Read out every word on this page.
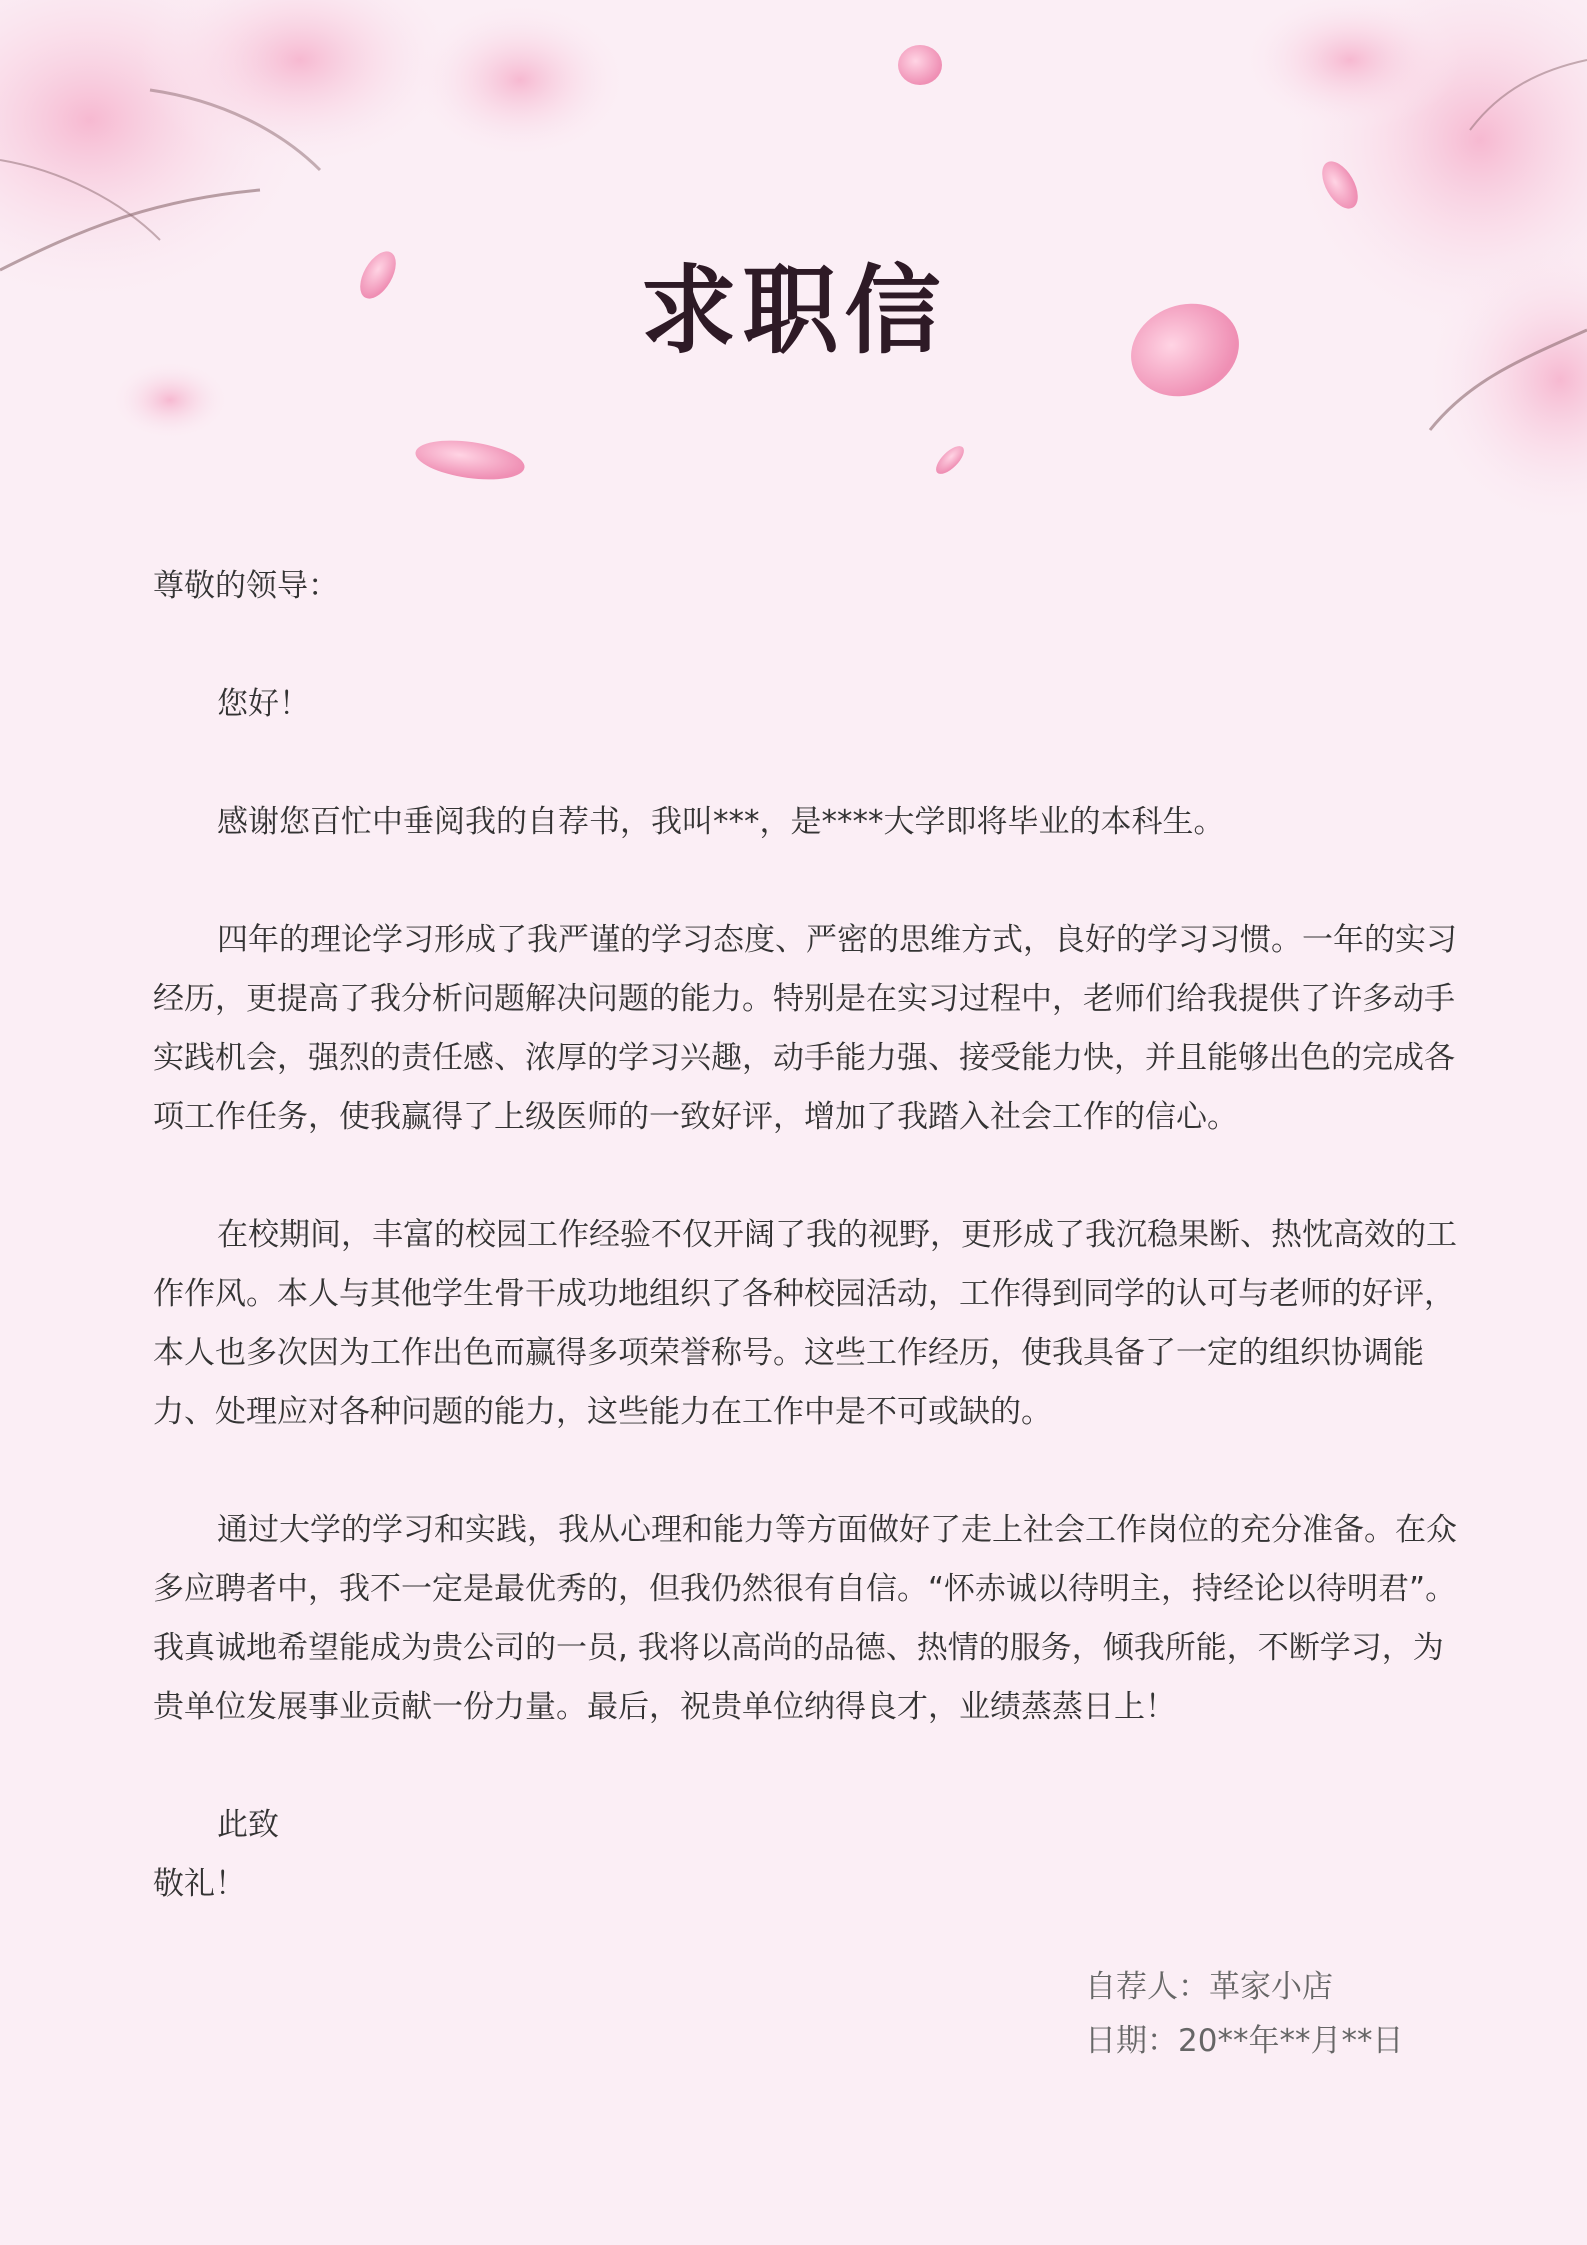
求职信

尊敬的领导：

您好！

感谢您百忙中垂阅我的自荐书，我叫***，是****大学即将毕业的本科生。

四年的理论学习形成了我严谨的学习态度、严密的思维方式，良好的学习习惯。一年的实习经历，更提高了我分析问题解决问题的能力。特别是在实习过程中，老师们给我提供了许多动手实践机会，强烈的责任感、浓厚的学习兴趣，动手能力强、接受能力快，并且能够出色的完成各项工作任务，使我赢得了上级医师的一致好评，增加了我踏入社会工作的信心。

在校期间，丰富的校园工作经验不仅开阔了我的视野，更形成了我沉稳果断、热忱高效的工作作风。本人与其他学生骨干成功地组织了各种校园活动，工作得到同学的认可与老师的好评，本人也多次因为工作出色而赢得多项荣誉称号。这些工作经历，使我具备了一定的组织协调能力、处理应对各种问题的能力，这些能力在工作中是不可或缺的。

通过大学的学习和实践，我从心理和能力等方面做好了走上社会工作岗位的充分准备。在众多应聘者中，我不一定是最优秀的，但我仍然很有自信。“怀赤诚以待明主，持经论以待明君”。我真诚地希望能成为贵公司的一员, 我将以高尚的品德、热情的服务，倾我所能，不断学习，为贵单位发展事业贡献一份力量。最后，祝贵单位纳得良才，业绩蒸蒸日上！

此致

敬礼！

自荐人：革家小店

日期：20**年**月**日
